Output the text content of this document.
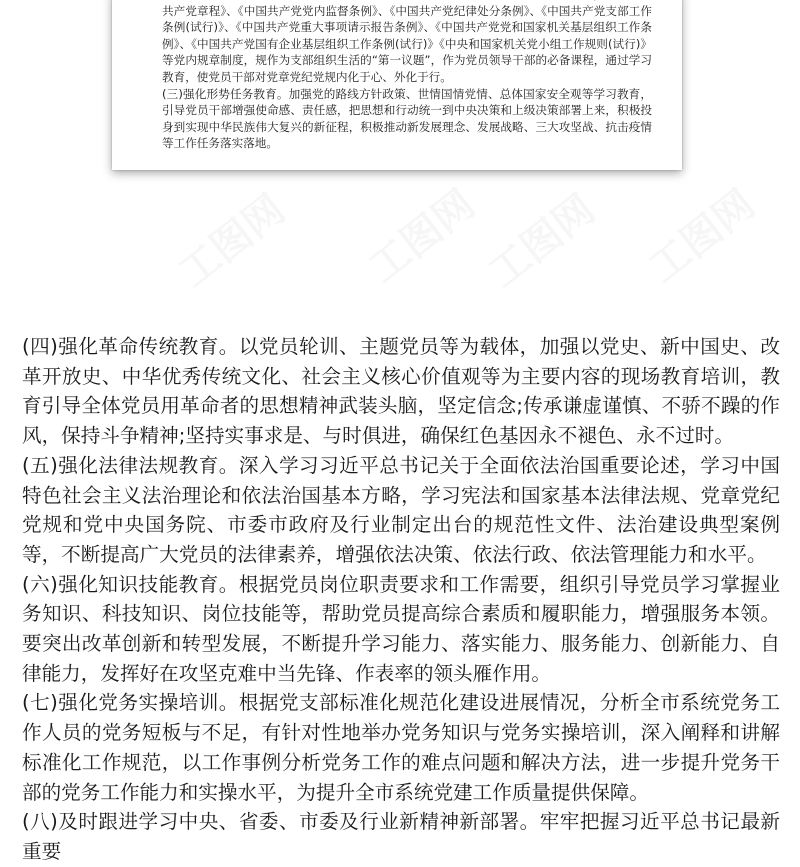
共产党章程》、《中国共产党党内监督条例》、《中国共产党纪律处分条例》、《中国共产党支部工作条例(试行)》、《中国共产党重大事项请示报告条例》、《中国共产党党和国家机关基层组织工作条例》、《中国共产党国有企业基层组织工作条例(试行)》《中央和国家机关党小组工作规则(试行)》等党内规章制度，规作为支部组织生活的“第一议题”，作为党员领导干部的必备课程，通过学习教育，使党员干部对党章党纪党规内化于心、外化于行。

(三)强化形势任务教育。加强党的路线方针政策、世情国情党情、总体国家安全观等学习教育，引导党员干部增强使命感、责任感，把思想和行动统一到中央决策和上级决策部署上来，积极投身到实现中华民族伟大复兴的新征程，积极推动新发展理念、发展战略、三大攻坚战、抗击疫情等工作任务落实落地。

工图网 工图网
工图网 工图网

(四)强化革命传统教育。以党员轮训、主题党员等为载体，加强以党史、新中国史、改革开放史、中华优秀传统文化、社会主义核心价值观等为主要内容的现场教育培训，教育引导全体党员用革命者的思想精神武装头脑，坚定信念;传承谦虚谨慎、不骄不躁的作风，保持斗争精神;坚持实事求是、与时俱进，确保红色基因永不褪色、永不过时。

(五)强化法律法规教育。深入学习习近平总书记关于全面依法治国重要论述，学习中国特色社会主义法治理论和依法治国基本方略，学习宪法和国家基本法律法规、党章党纪党规和党中央国务院、市委市政府及行业制定出台的规范性文件、法治建设典型案例等，不断提高广大党员的法律素养，增强依法决策、依法行政、依法管理能力和水平。

(六)强化知识技能教育。根据党员岗位职责要求和工作需要，组织引导党员学习掌握业务知识、科技知识、岗位技能等，帮助党员提高综合素质和履职能力，增强服务本领。要突出改革创新和转型发展，不断提升学习能力、落实能力、服务能力、创新能力、自律能力，发挥好在攻坚克难中当先锋、作表率的领头雁作用。

(七)强化党务实操培训。根据党支部标准化规范化建设进展情况，分析全市系统党务工作人员的党务短板与不足，有针对性地举办党务知识与党务实操培训，深入阐释和讲解标准化工作规范，以工作事例分析党务工作的难点问题和解决方法，进一步提升党务干部的党务工作能力和实操水平，为提升全市系统党建工作质量提供保障。

(八)及时跟进学习中央、省委、市委及行业新精神新部署。牢牢把握习近平总书记最新重要
